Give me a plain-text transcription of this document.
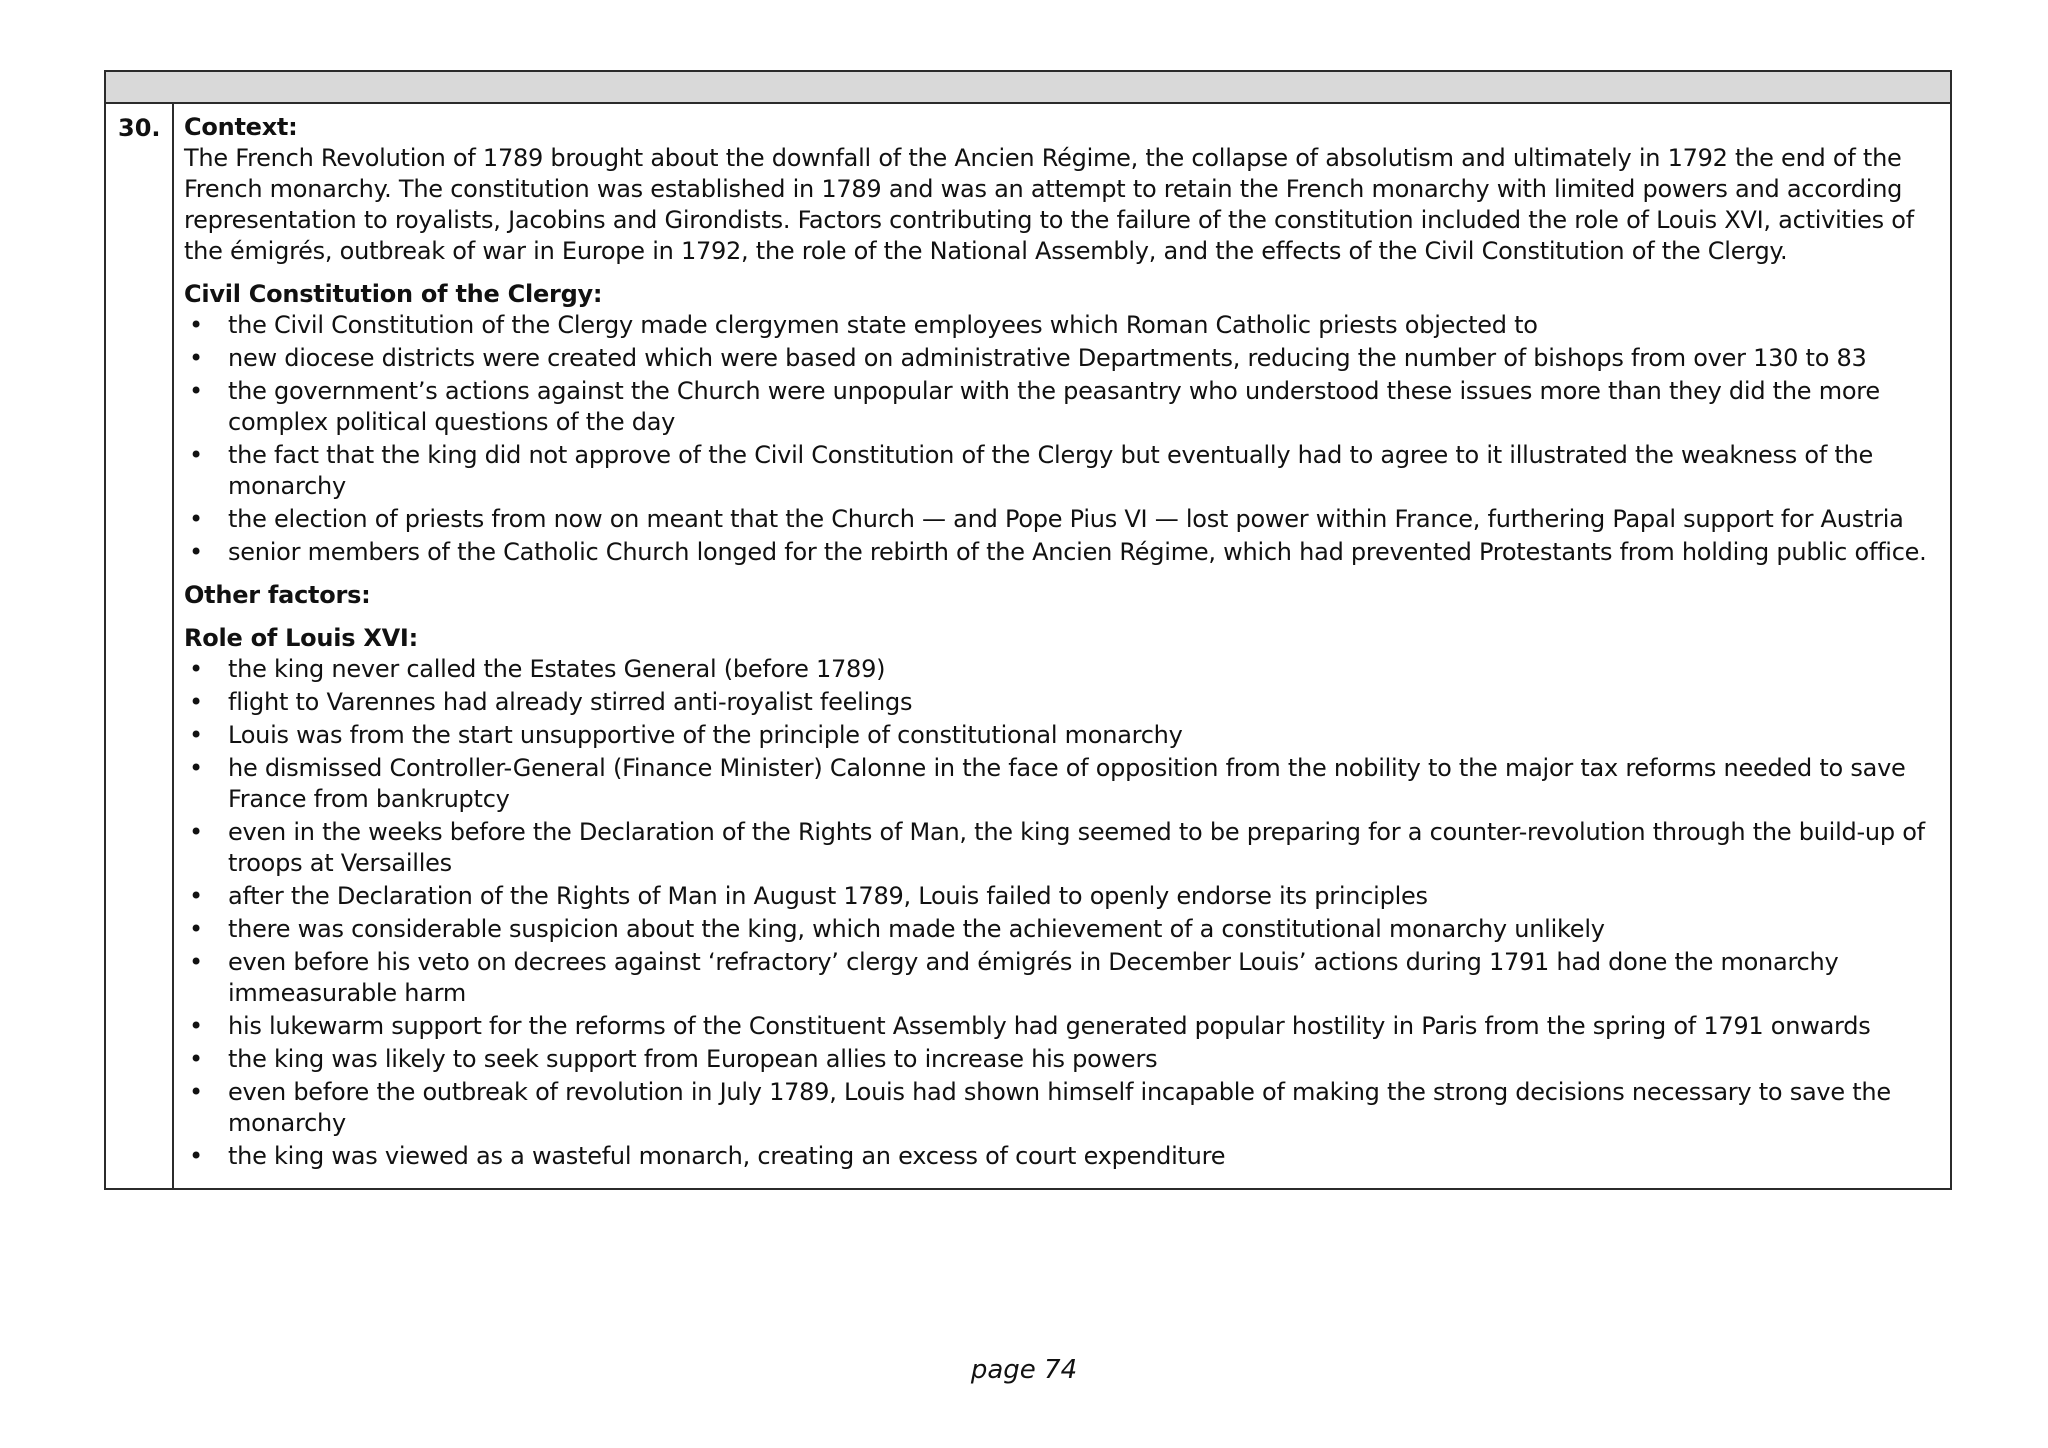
30. Context:

The French Revolution of 1789 brought about the downfall of the Ancien Régime, the collapse of absolutism and ultimately in 1792 the end of the French monarchy. The constitution was established in 1789 and was an attempt to retain the French monarchy with limited powers and according representation to royalists, Jacobins and Girondists. Factors contributing to the failure of the constitution included the role of Louis XVI, activities of the émigrés, outbreak of war in Europe in 1792, the role of the National Assembly, and the effects of the Civil Constitution of the Clergy.

Civil Constitution of the Clergy:

• the Civil Constitution of the Clergy made clergymen state employees which Roman Catholic priests objected to
• new diocese districts were created which were based on administrative Departments, reducing the number of bishops from over 130 to 83
• the government’s actions against the Church were unpopular with the peasantry who understood these issues more than they did the more complex political questions of the day
• the fact that the king did not approve of the Civil Constitution of the Clergy but eventually had to agree to it illustrated the weakness of the monarchy
• the election of priests from now on meant that the Church — and Pope Pius VI — lost power within France, furthering Papal support for Austria
• senior members of the Catholic Church longed for the rebirth of the Ancien Régime, which had prevented Protestants from holding public office.

Other factors:

Role of Louis XVI:

• the king never called the Estates General (before 1789)
• flight to Varennes had already stirred anti-royalist feelings
• Louis was from the start unsupportive of the principle of constitutional monarchy
• he dismissed Controller-General (Finance Minister) Calonne in the face of opposition from the nobility to the major tax reforms needed to save France from bankruptcy
• even in the weeks before the Declaration of the Rights of Man, the king seemed to be preparing for a counter-revolution through the build-up of troops at Versailles
• after the Declaration of the Rights of Man in August 1789, Louis failed to openly endorse its principles
• there was considerable suspicion about the king, which made the achievement of a constitutional monarchy unlikely
• even before his veto on decrees against ‘refractory’ clergy and émigrés in December Louis’ actions during 1791 had done the monarchy immeasurable harm
• his lukewarm support for the reforms of the Constituent Assembly had generated popular hostility in Paris from the spring of 1791 onwards
• the king was likely to seek support from European allies to increase his powers
• even before the outbreak of revolution in July 1789, Louis had shown himself incapable of making the strong decisions necessary to save the monarchy
• the king was viewed as a wasteful monarch, creating an excess of court expenditure
page 74
